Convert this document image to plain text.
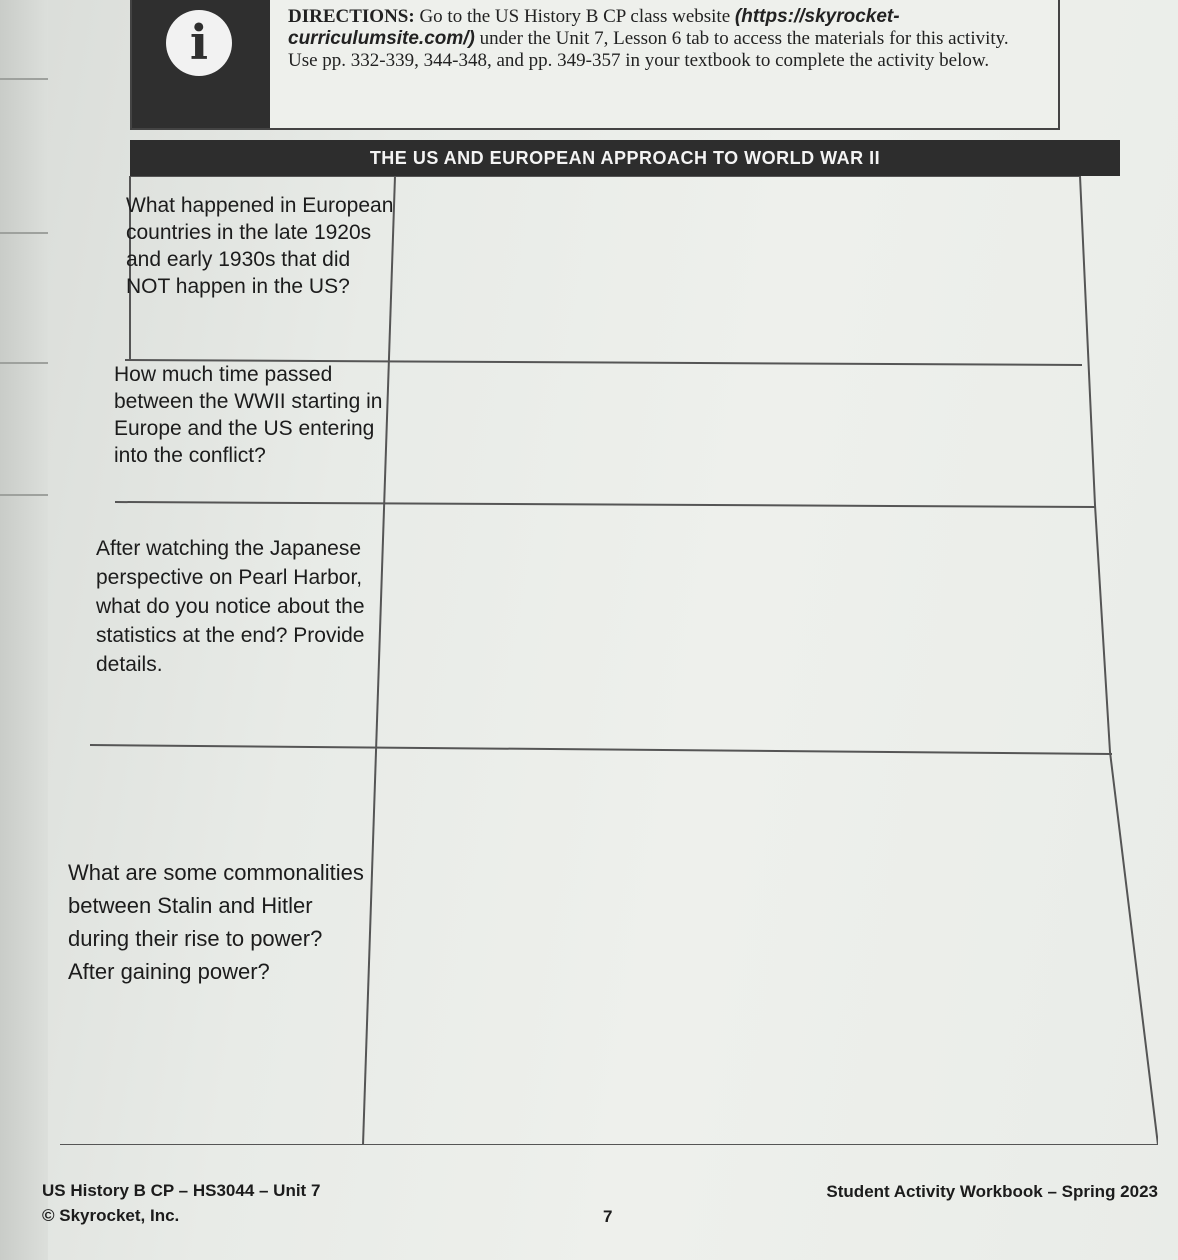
i	DIRECTIONS: Go to the US History B CP class website (https://skyrocket-curriculumsite.com/) under the Unit 7, Lesson 6 tab to access the materials for this activity. Use pp. 332-339, 344-348, and pp. 349-357 in your textbook to complete the activity below.
THE US AND EUROPEAN APPROACH TO WORLD WAR II
What happened in European countries in the late 1920s and early 1930s that did NOT happen in the US?
How much time passed between the WWII starting in Europe and the US entering into the conflict?
After watching the Japanese perspective on Pearl Harbor, what do you notice about the statistics at the end? Provide details.
What are some commonalities between Stalin and Hitler during their rise to power? After gaining power?
US History B CP – HS3044 – Unit 7
© Skyrocket, Inc.
Student Activity Workbook – Spring 2023
7
